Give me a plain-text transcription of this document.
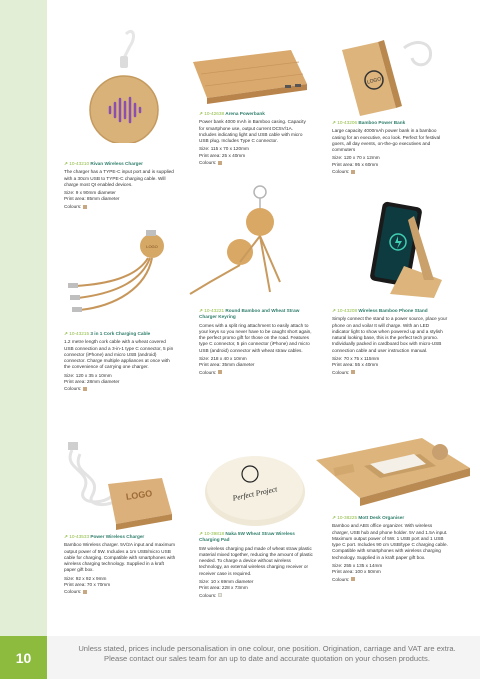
LOGO
↗ 10-43210 Rivan Wireless Charger
The charger has a TYPE-C input port and is supplied with a 30cm USB to TYPE-C charging cable. Will charge most QI enabled devices.
Size: 9 x 90mm diameter
Print area: 85mm diameter
Colours:
↗ 10-42638 Arena Powerbank
Power bank 4000 mAh in Bamboo casing. Capacity for smartphone use, output current DC5V/1A. Includes indicating light and USB cable with micro USB plug. Includes Type C connector.
Size: 115 x 70 x 120mm
Print area: 25 x 40mm
Colours:
↗ 10-43206 Bamboo Power Bank
Large capacity 4000mAh power bank in a bamboo casing for an executive, eco look. Perfect for festival goers, all day events, on-the-go executives and commuters
Size: 120 x 70 x 12mm
Print area: 95 x 60mm
Colours:
LOGO
↗ 10-43215 3 in 1 Cork Charging Cable
1.2 metre length cork cable with a wheat covered USB connection and a 3-in-1 type C connector, 5 pin connector (iPhone) and micro USB (android) connector. Charge multiple appliances at once with the convenience of carrying one charger.
Size: 120 x 35 x 10mm
Print area: 28mm diameter
Colours:
↗ 10-43221 Round Bamboo and Wheat Straw Charger Keyring
Comes with a split ring attachment to easily attach to your keys so you never have to be caught short again, the perfect promo gift for those on the road. Features type C connector, 5 pin connector (iPhone) and micro USB (android) connector with wheat straw cables.
Size: 218 x 40 x 10mm
Print area: 35mm diameter
Colours:
↗ 10-43208 Wireless Bamboo Phone Stand
Simply connect the stand to a power source, place your phone on and voila! It will charge. With an LED indicator light to show when powered up and a stylish natural looking base, this is the perfect tech promo. Individually packed in cardboard box with micro-USB connection cable and user instruction manual.
Size: 70 x 75 x 115mm
Print area: 55 x 40mm
Colours:
LOGO	Perfect Project
↗ 10-43533 Power Wireless Charger
Bamboo Wireless charger. 5V/2A input and maximum output power of 5W. Includes a 1m USB/micro USB cable for charging. Compatible with smartphones with wireless charging technology. Supplied in a kraft paper gift box.
Size: 92 x 92 x 9mm
Print area: 70 x 70mm
Colours:
↗ 10-39818 Naka 5W Wheat Straw Wireless Charging Pad
5W wireless charging pad made of wheat straw plastic material mixed together, reducing the amount of plastic needed. To charge a device without wireless technology, an external wireless charging receiver or receiver case is required.
Size: 10 x 69mm diameter
Print area: 228 x 73mm
Colours:
↗ 10-38225 Mott Desk Organiser
Bamboo and ABS office organizer. With wireless charger, USB hub and phone holder. 5V and 1.5A input. Maximum output power of 5W. 1 USB port and 1 USB type C port. Includes 90 cm USB/type C charging cable. Compatible with smartphones with wireless charging technology. Supplied in a kraft paper gift box.
Size: 255 x 135 x 14mm
Print area: 100 x 50mm
Colours:
10
Unless stated, prices include personalisation in one colour, one position. Origination, carriage and VAT are extra.
Please contact our sales team for an up to date and accurate quotation on your chosen products.
